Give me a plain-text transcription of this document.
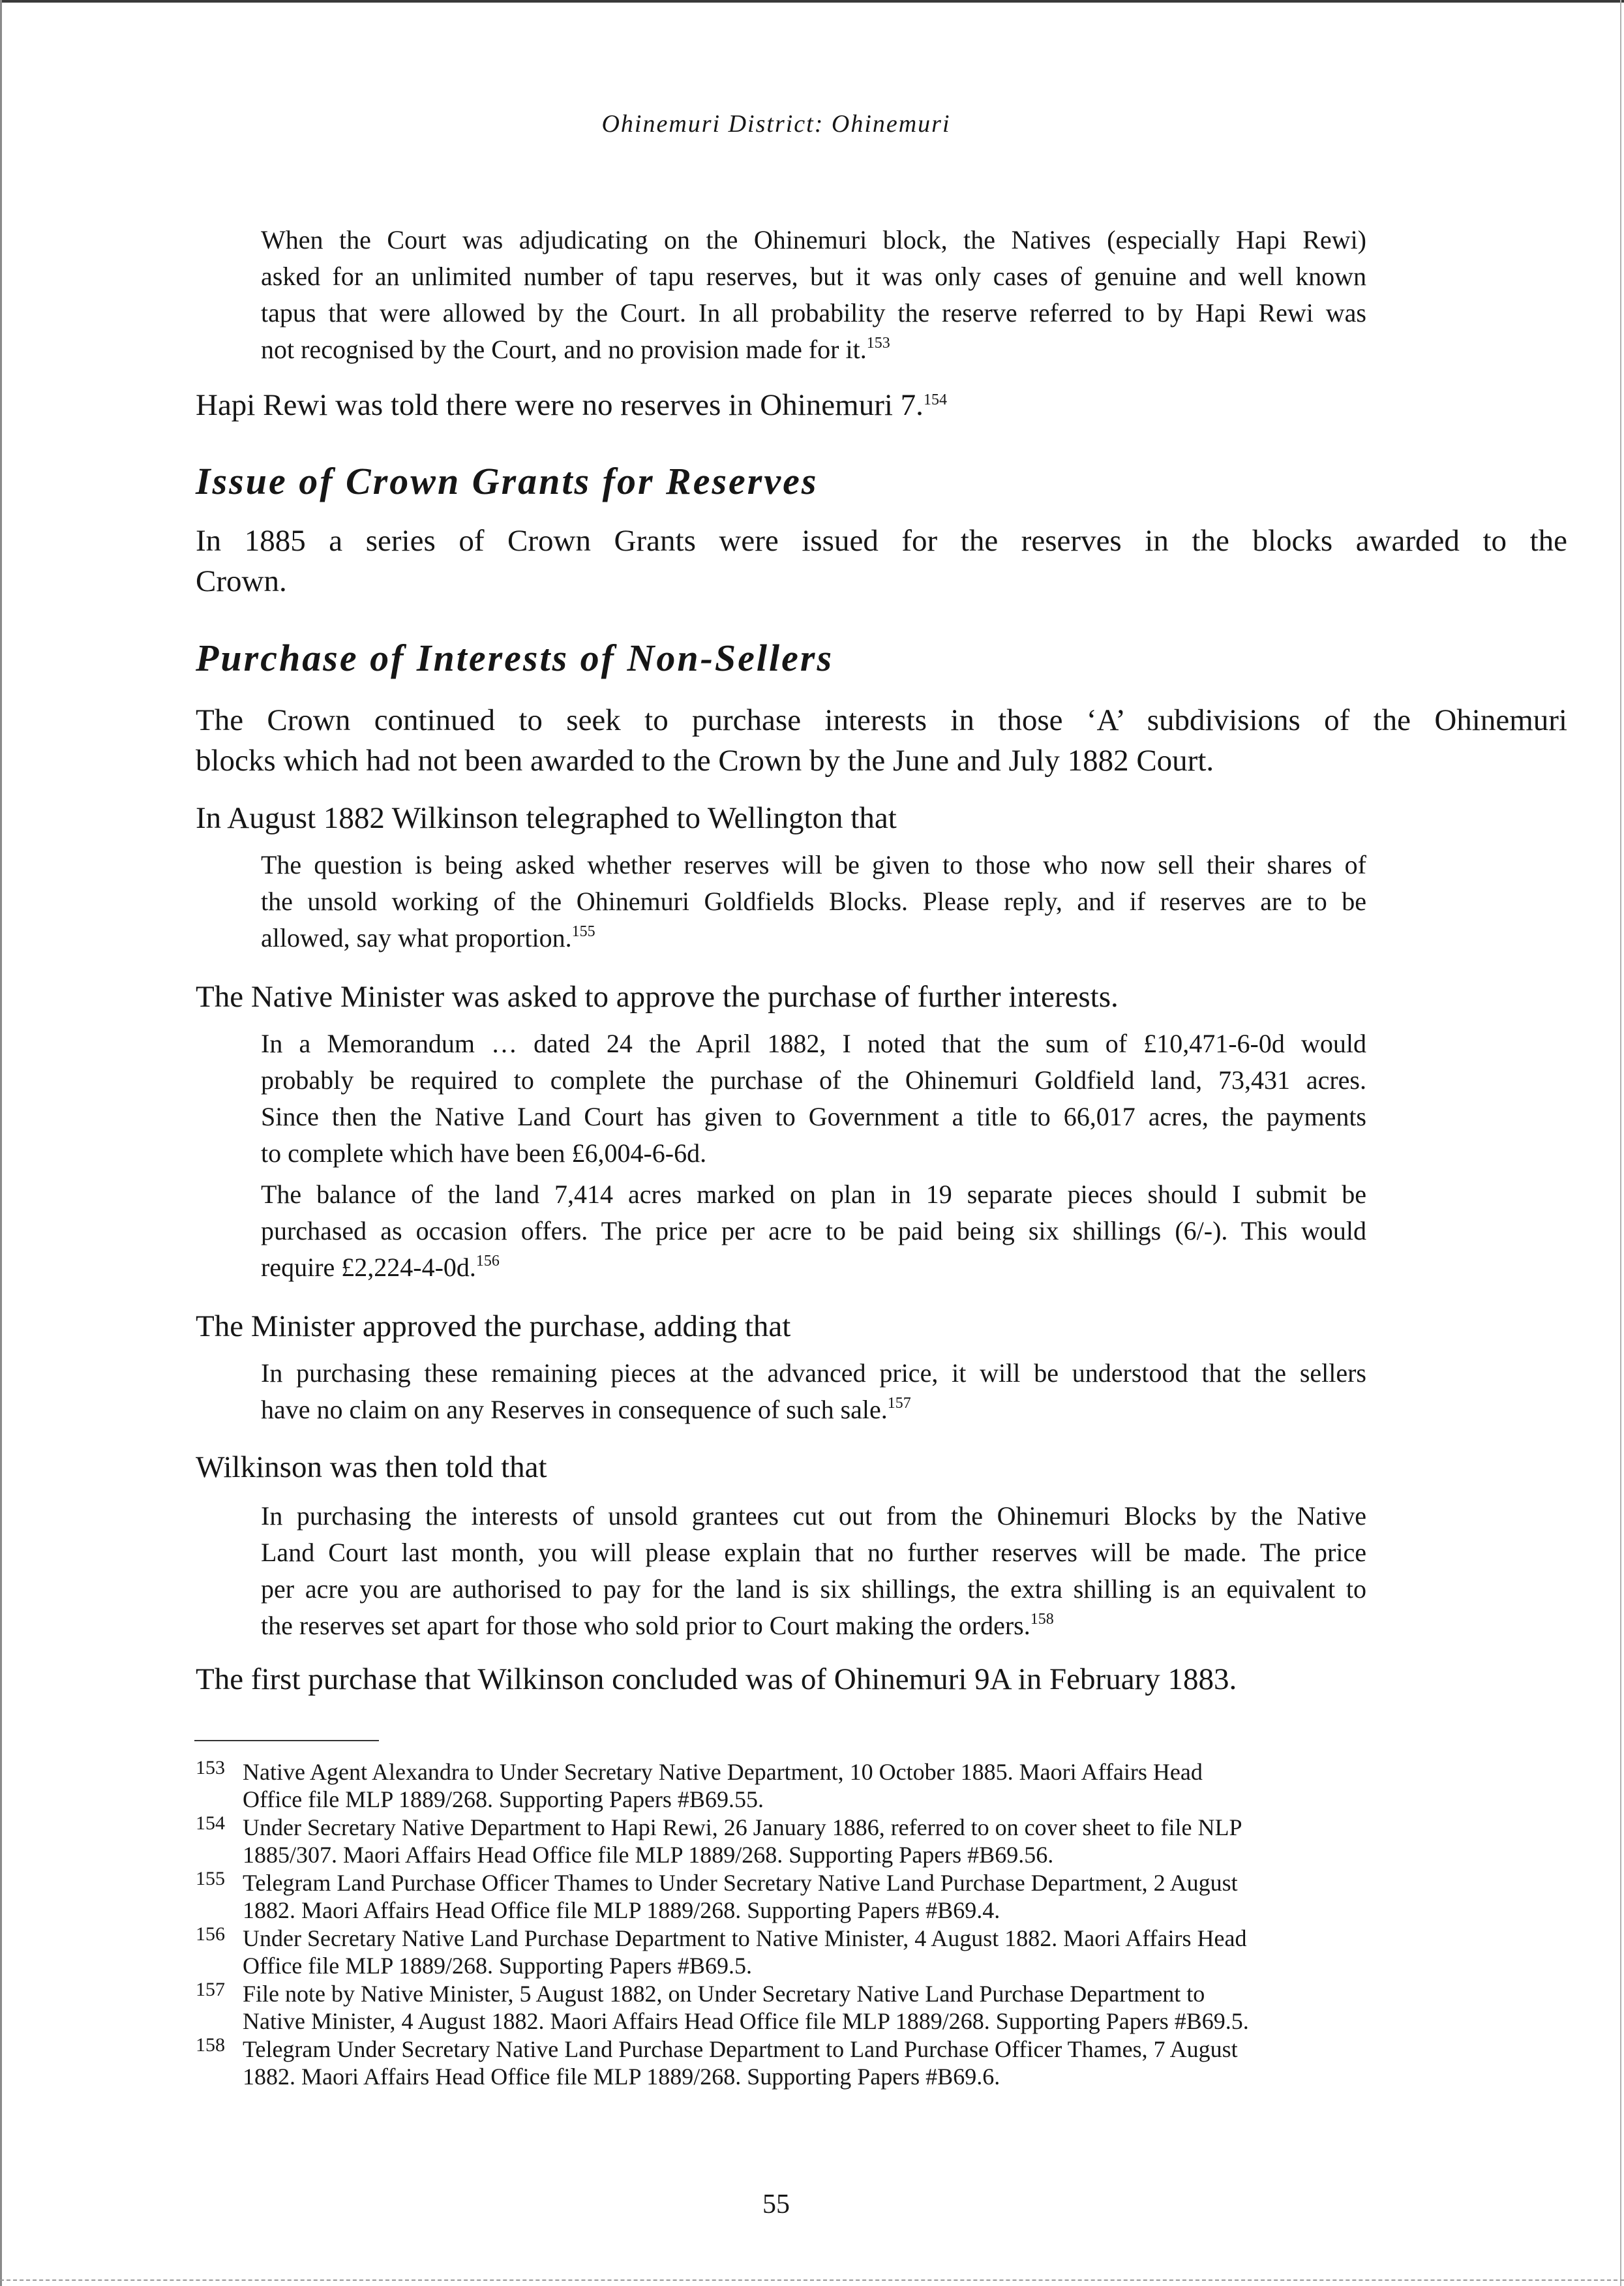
Ohinemuri District: Ohinemuri
When the Court was adjudicating on the Ohinemuri block, the Natives (especially Hapi Rewi)
asked for an unlimited number of tapu reserves, but it was only cases of genuine and well known
tapus that were allowed by the Court. In all probability the reserve referred to by Hapi Rewi was
not recognised by the Court, and no provision made for it.$^{153}$

Hapi Rewi was told there were no reserves in Ohinemuri 7.$^{154}$

Issue of Crown Grants for Reserves

In 1885 a series of Crown Grants were issued for the reserves in the blocks awarded to the

Crown.

Purchase of Interests of Non-Sellers

The Crown continued to seek to purchase interests in those ‘A’ subdivisions of the Ohinemuri

blocks which had not been awarded to the Crown by the June and July 1882 Court.

In August 1882 Wilkinson telegraphed to Wellington that

The question is being asked whether reserves will be given to those who now sell their shares of
the unsold working of the Ohinemuri Goldfields Blocks. Please reply, and if reserves are to be
allowed, say what proportion.$^{155}$

The Native Minister was asked to approve the purchase of further interests.

In a Memorandum … dated 24 the April 1882, I noted that the sum of £10,471-6-0d would
probably be required to complete the purchase of the Ohinemuri Goldfield land, 73,431 acres.
Since then the Native Land Court has given to Government a title to 66,017 acres, the payments
to complete which have been £6,004-6-6d.
The balance of the land 7,414 acres marked on plan in 19 separate pieces should I submit be
purchased as occasion offers. The price per acre to be paid being six shillings (6/-). This would
require £2,224-4-0d.$^{156}$

The Minister approved the purchase, adding that

In purchasing these remaining pieces at the advanced price, it will be understood that the sellers
have no claim on any Reserves in consequence of such sale.$^{157}$

Wilkinson was then told that

In purchasing the interests of unsold grantees cut out from the Ohinemuri Blocks by the Native
Land Court last month, you will please explain that no further reserves will be made. The price
per acre you are authorised to pay for the land is six shillings, the extra shilling is an equivalent to
the reserves set apart for those who sold prior to Court making the orders.$^{158}$

The first purchase that Wilkinson concluded was of Ohinemuri 9A in February 1883.

153 Native Agent Alexandra to Under Secretary Native Department, 10 October 1885. Maori Affairs Head
Office file MLP 1889/268. Supporting Papers #B69.55.
154 Under Secretary Native Department to Hapi Rewi, 26 January 1886, referred to on cover sheet to file NLP
1885/307. Maori Affairs Head Office file MLP 1889/268. Supporting Papers #B69.56.
155 Telegram Land Purchase Officer Thames to Under Secretary Native Land Purchase Department, 2 August
1882. Maori Affairs Head Office file MLP 1889/268. Supporting Papers #B69.4.
156 Under Secretary Native Land Purchase Department to Native Minister, 4 August 1882. Maori Affairs Head
Office file MLP 1889/268. Supporting Papers #B69.5.
157 File note by Native Minister, 5 August 1882, on Under Secretary Native Land Purchase Department to
Native Minister, 4 August 1882. Maori Affairs Head Office file MLP 1889/268. Supporting Papers #B69.5.
158 Telegram Under Secretary Native Land Purchase Department to Land Purchase Officer Thames, 7 August
1882. Maori Affairs Head Office file MLP 1889/268. Supporting Papers #B69.6.
55
